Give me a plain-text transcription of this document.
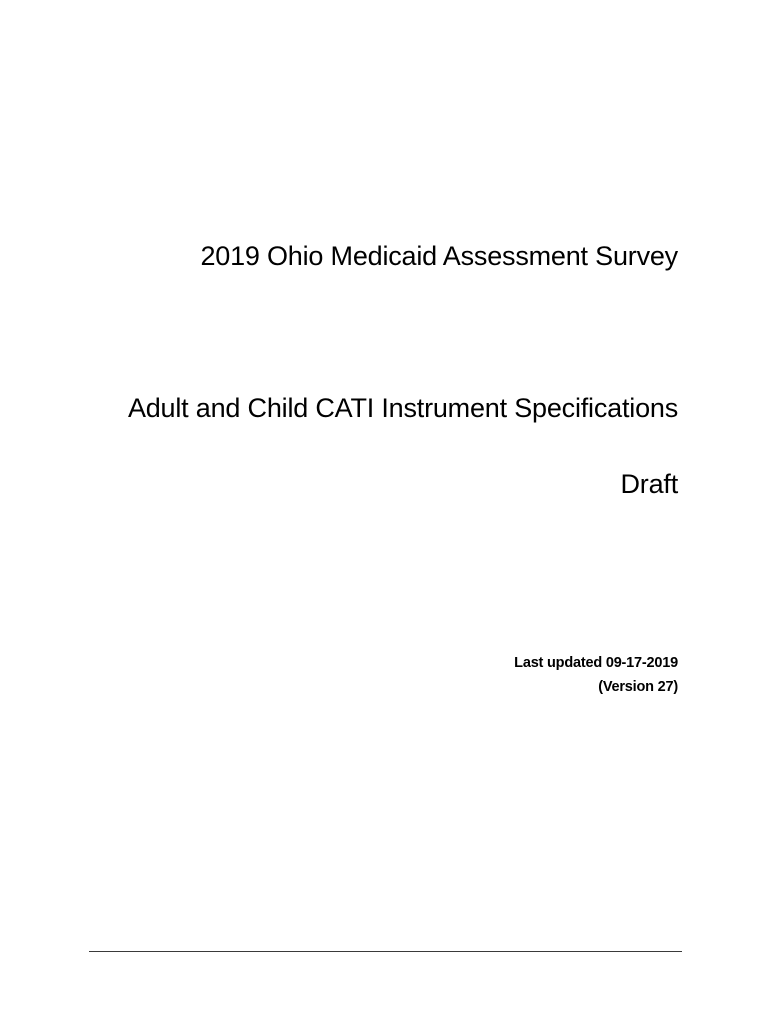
2019 Ohio Medicaid Assessment Survey
Adult and Child CATI Instrument Specifications
Draft
Last updated 09-17-2019
(Version 27)
